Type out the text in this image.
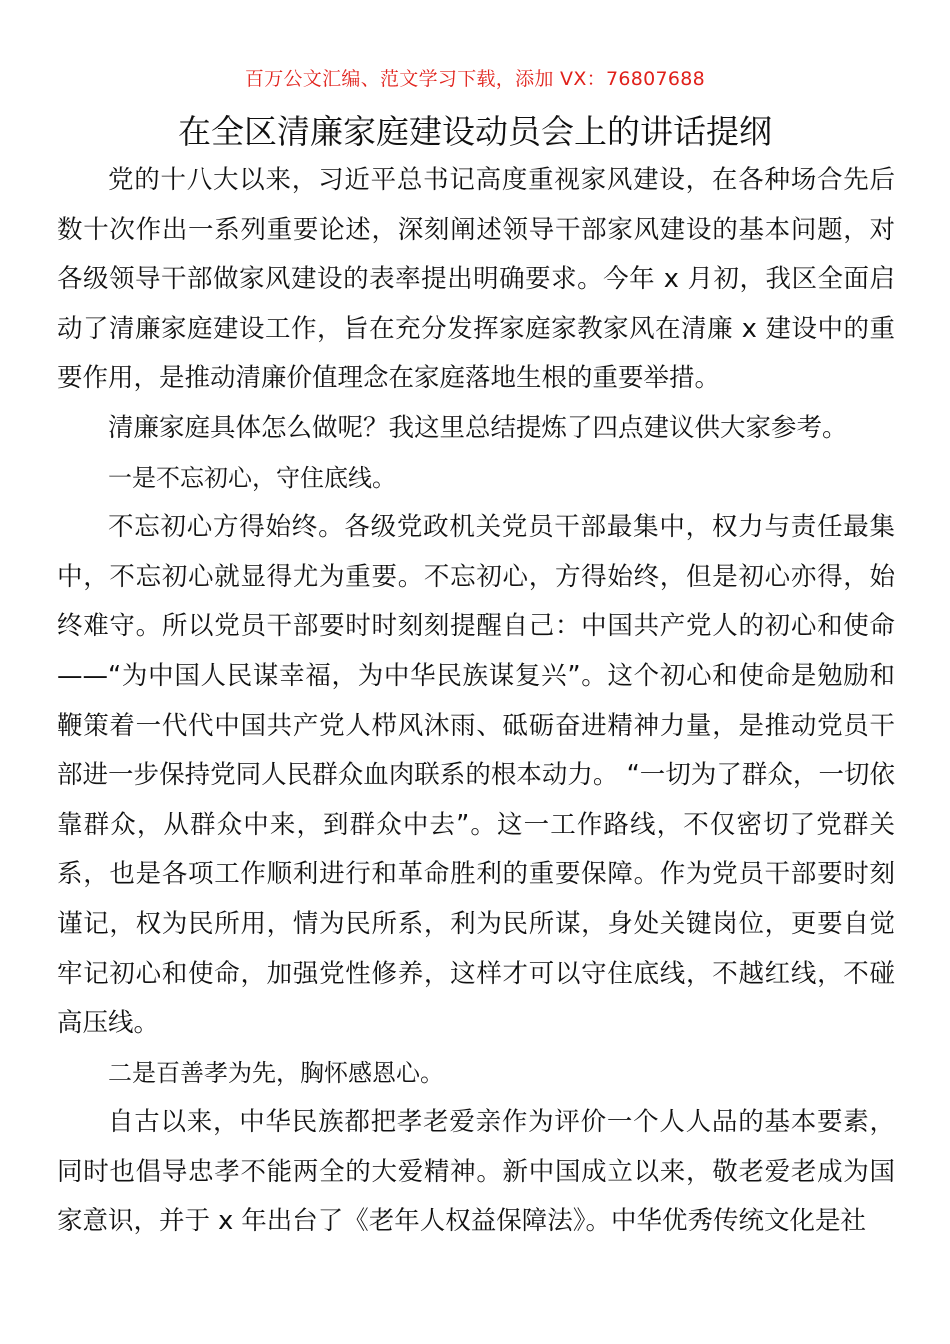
百万公文汇编、范文学习下载，添加 VX：76807688
在全区清廉家庭建设动员会上的讲话提纲

党的十八大以来，习近平总书记高度重视家风建设，在各种场合先后数十次作出一系列重要论述，深刻阐述领导干部家风建设的基本问题，对各级领导干部做家风建设的表率提出明确要求。今年 x 月初，我区全面启动了清廉家庭建设工作，旨在充分发挥家庭家教家风在清廉 x 建设中的重要作用，是推动清廉价值理念在家庭落地生根的重要举措。

清廉家庭具体怎么做呢？我这里总结提炼了四点建议供大家参考。

一是不忘初心，守住底线。

不忘初心方得始终。各级党政机关党员干部最集中，权力与责任最集中，不忘初心就显得尤为重要。不忘初心，方得始终，但是初心亦得，始终难守。所以党员干部要时时刻刻提醒自己：中国共产党人的初心和使命——“为中国人民谋幸福，为中华民族谋复兴”。这个初心和使命是勉励和鞭策着一代代中国共产党人栉风沐雨、砥砺奋进精神力量，是推动党员干部进一步保持党同人民群众血肉联系的根本动力。 “一切为了群众，一切依靠群众，从群众中来，到群众中去”。这一工作路线，不仅密切了党群关系，也是各项工作顺利进行和革命胜利的重要保障。作为党员干部要时刻谨记，权为民所用，情为民所系，利为民所谋，身处关键岗位，更要自觉牢记初心和使命，加强党性修养，这样才可以守住底线，不越红线，不碰高压线。

二是百善孝为先，胸怀感恩心。

自古以来，中华民族都把孝老爱亲作为评价一个人人品的基本要素，同时也倡导忠孝不能两全的大爱精神。新中国成立以来，敬老爱老成为国家意识，并于 x 年出台了《老年人权益保障法》。中华优秀传统文化是社
